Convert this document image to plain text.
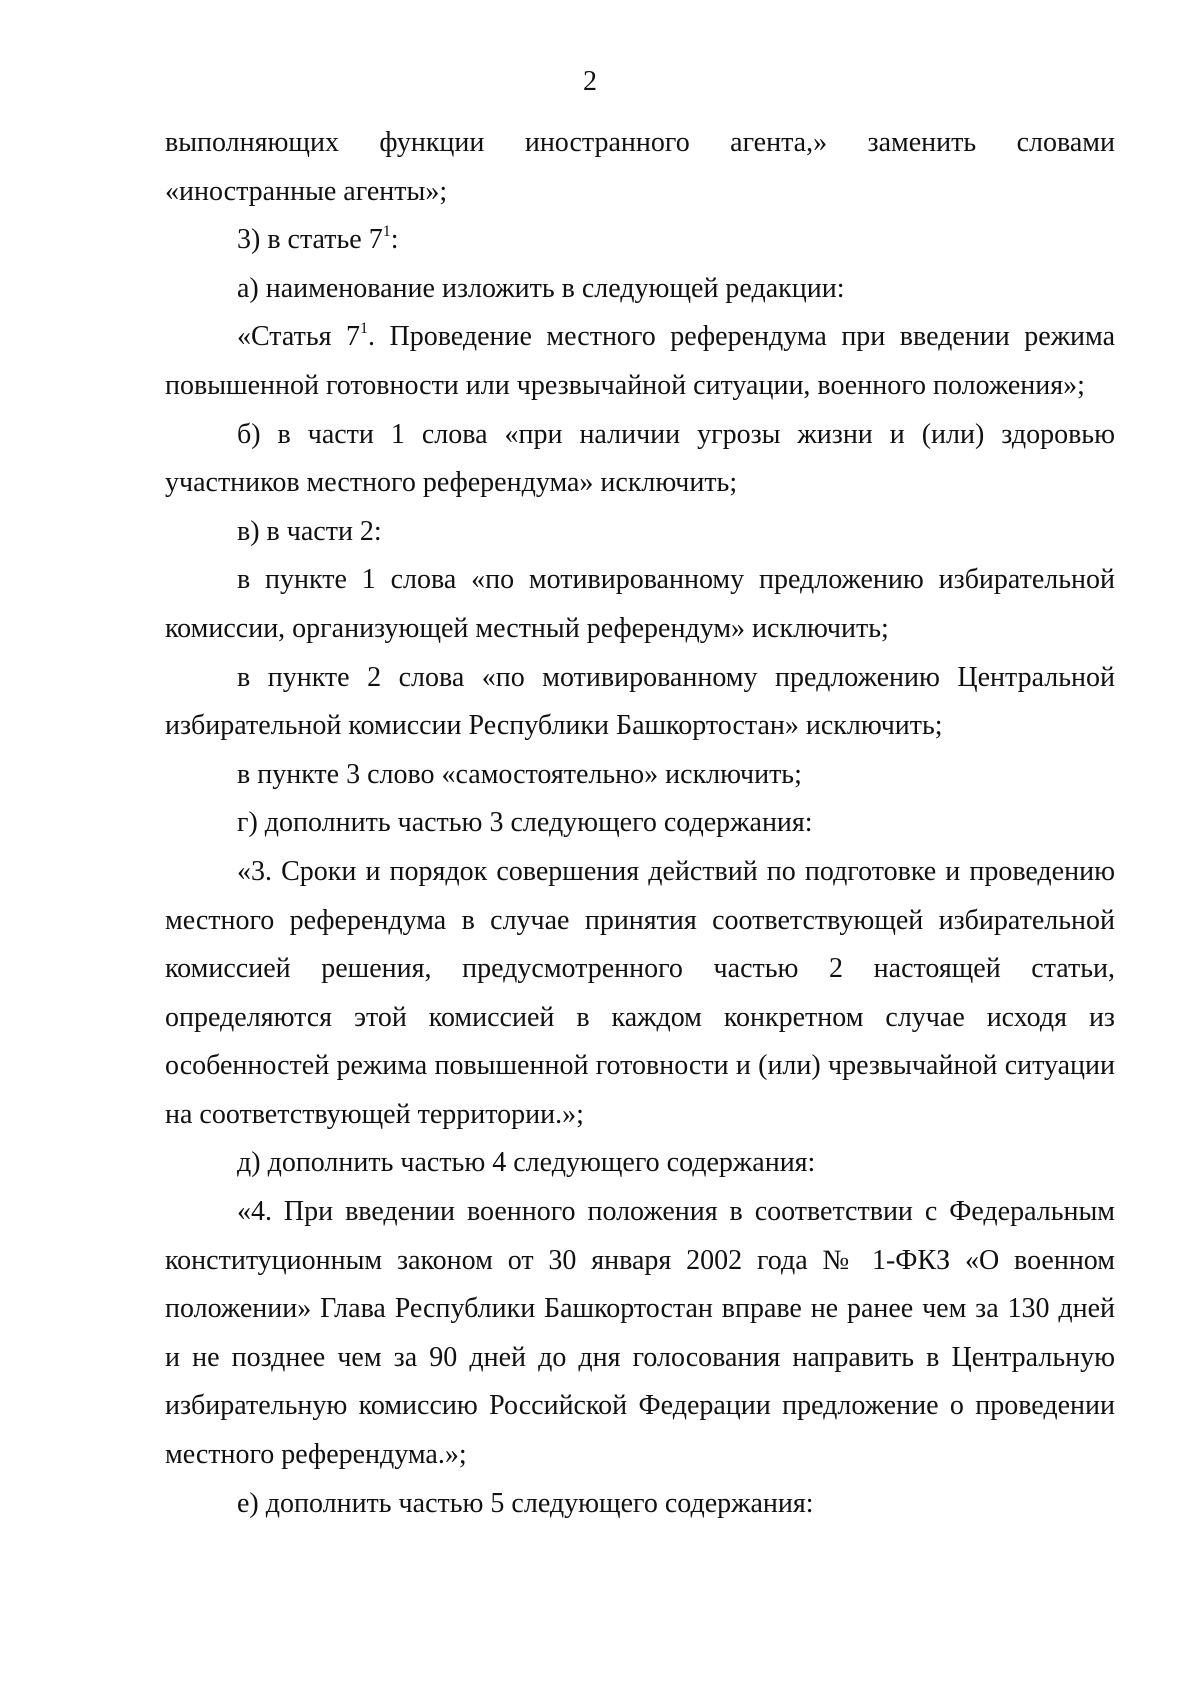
2

выполняющих функции иностранного агента,» заменить словами «иностранные агенты»;

3) в статье $7^1$:

а) наименование изложить в следующей редакции:

«Статья $7^1$. Проведение местного референдума при введении режима повышенной готовности или чрезвычайной ситуации, военного положения»;

б) в части 1 слова «при наличии угрозы жизни и (или) здоровью участников местного референдума» исключить;

в) в части 2:

в пункте 1 слова «по мотивированному предложению избирательной комиссии, организующей местный референдум» исключить;

в пункте 2 слова «по мотивированному предложению Центральной избирательной комиссии Республики Башкортостан» исключить;

в пункте 3 слово «самостоятельно» исключить;

г) дополнить частью 3 следующего содержания:

«3. Сроки и порядок совершения действий по подготовке и проведению местного референдума в случае принятия соответствующей избирательной комиссией решения, предусмотренного частью 2 настоящей статьи, определяются этой комиссией в каждом конкретном случае исходя из особенностей режима повышенной готовности и (или) чрезвычайной ситуации на соответствующей территории.»;

д) дополнить частью 4 следующего содержания:

«4. При введении военного положения в соответствии с Федеральным конституционным законом от 30 января 2002 года № 1-ФКЗ «О военном положении» Глава Республики Башкортостан вправе не ранее чем за 130 дней и не позднее чем за 90 дней до дня голосования направить в Центральную избирательную комиссию Российской Федерации предложение о проведении местного референдума.»;

е) дополнить частью 5 следующего содержания:
